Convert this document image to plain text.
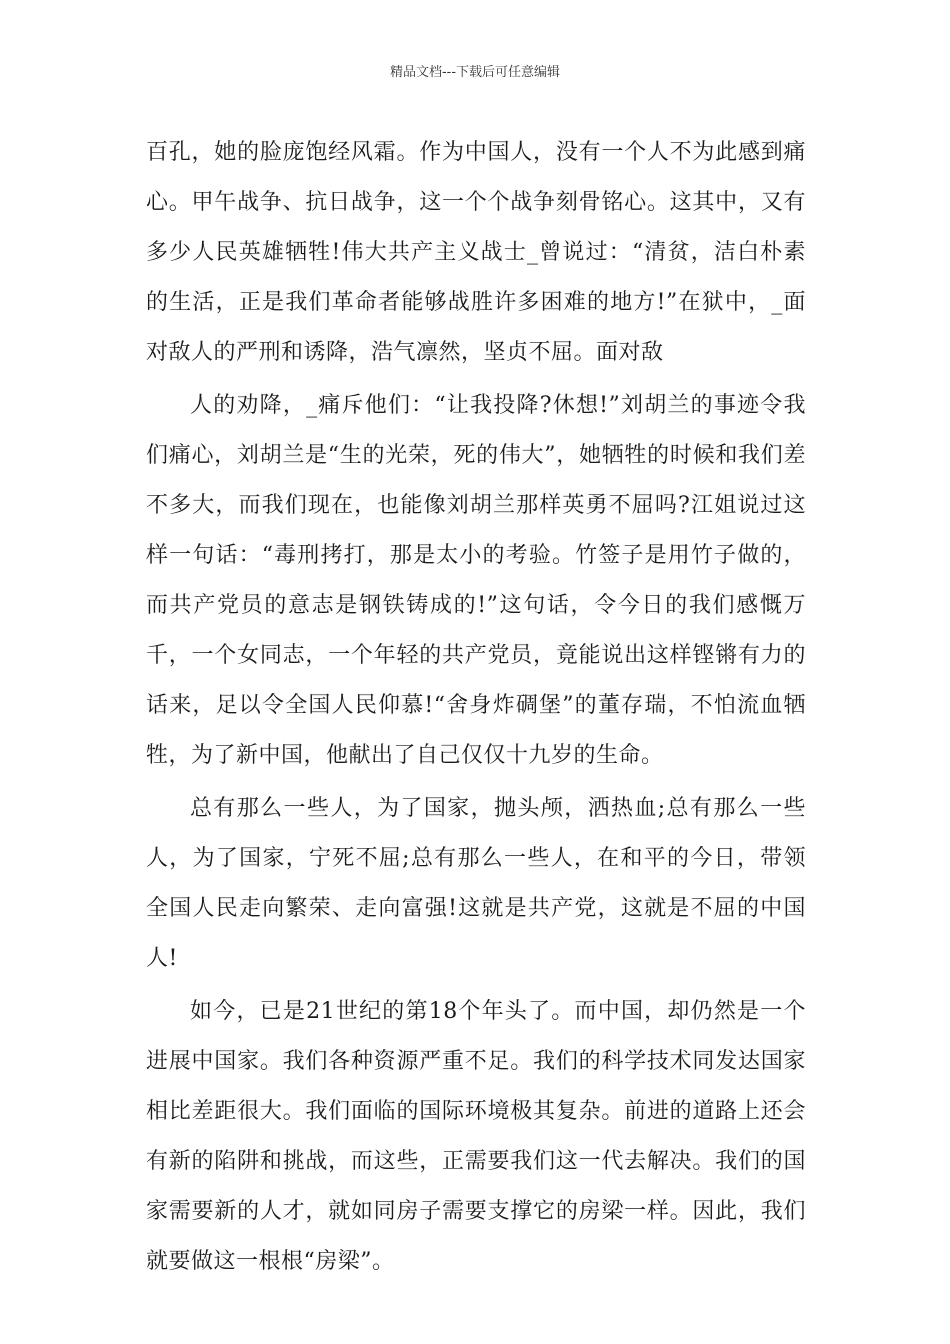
精品文档---下载后可任意编辑

百孔，她的脸庞饱经风霜。作为中国人，没有一个人不为此感到痛心。甲午战争、抗日战争，这一个个战争刻骨铭心。这其中，又有多少人民英雄牺牲!伟大共产主义战士_曾说过：“清贫，洁白朴素的生活，正是我们革命者能够战胜许多困难的地方!”在狱中，_面对敌人的严刑和诱降，浩气凛然，坚贞不屈。面对敌

人的劝降，_痛斥他们：“让我投降?休想!”刘胡兰的事迹令我们痛心，刘胡兰是“生的光荣，死的伟大”，她牺牲的时候和我们差不多大，而我们现在，也能像刘胡兰那样英勇不屈吗?江姐说过这样一句话：“毒刑拷打，那是太小的考验。竹签子是用竹子做的，而共产党员的意志是钢铁铸成的!”这句话，令今日的我们感慨万千，一个女同志，一个年轻的共产党员，竟能说出这样铿锵有力的话来，足以令全国人民仰慕!“舍身炸碉堡”的董存瑞，不怕流血牺牲，为了新中国，他献出了自己仅仅十九岁的生命。

总有那么一些人，为了国家，抛头颅，洒热血;总有那么一些人，为了国家，宁死不屈;总有那么一些人，在和平的今日，带领全国人民走向繁荣、走向富强!这就是共产党，这就是不屈的中国人!

如今，已是21世纪的第18个年头了。而中国，却仍然是一个进展中国家。我们各种资源严重不足。我们的科学技术同发达国家相比差距很大。我们面临的国际环境极其复杂。前进的道路上还会有新的陷阱和挑战，而这些，正需要我们这一代去解决。我们的国家需要新的人才，就如同房子需要支撑它的房梁一样。因此，我们就要做这一根根“房梁”。
